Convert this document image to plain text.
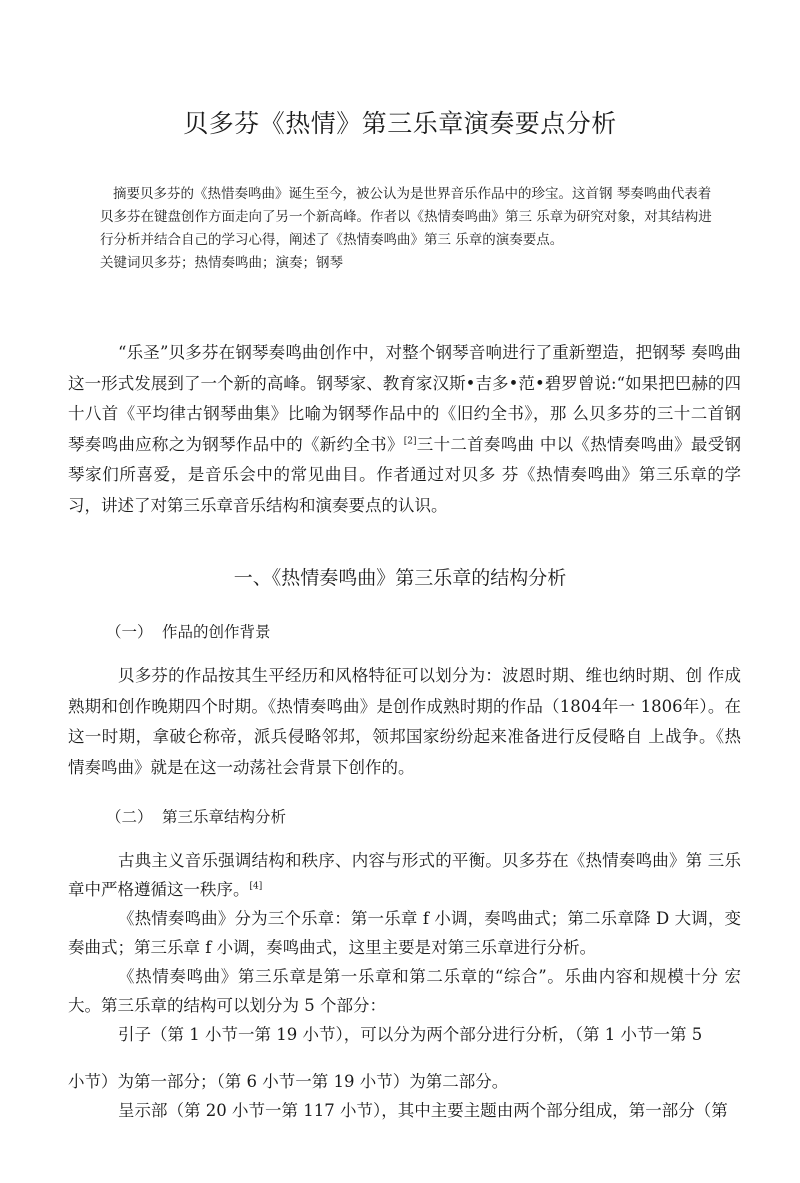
贝多芬《热情》第三乐章演奏要点分析

摘要贝多芬的《热惜奏鸣曲》诞生至今，被公认为是世界音乐作品中的珍宝。这首钢 琴奏鸣曲代表着贝多芬在键盘创作方面走向了另一个新高峰。作者以《热情奏鸣曲》第三 乐章为研究对象，对其结构进行分析并结合自己的学习心得，阐述了《热情奏鸣曲》第三 乐章的演奏要点。

关键词贝多芬；热情奏鸣曲；演奏；钢琴

“乐圣”贝多芬在钢琴奏鸣曲创作中，对整个钢琴音响进行了重新塑造，把钢琴 奏鸣曲这一形式发展到了一个新的高峰。钢琴家、教育家汉斯•吉多•范•碧罗曾说:“如果把巴赫的四十八首《平均律古钢琴曲集》比喻为钢琴作品中的《旧约全书》，那 么贝多芬的三十二首钢琴奏鸣曲应称之为钢琴作品中的《新约全书》[2]三十二首奏鸣曲 中以《热情奏鸣曲》最受钢琴家们所喜爱，是音乐会中的常见曲目。作者通过对贝多 芬《热情奏鸣曲》第三乐章的学习，讲述了对第三乐章音乐结构和演奏要点的认识。

一、《热情奏鸣曲》第三乐章的结构分析
（一） 作品的创作背景

贝多芬的作品按其生平经历和风格特征可以划分为：波恩时期、维也纳时期、创 作成熟期和创作晚期四个时期。《热情奏鸣曲》是创作成熟时期的作品（1804年一 1806年）。在这一时期，拿破仑称帝，派兵侵略邻邦，领邦国家纷纷起来准备进行反侵略自 上战争。《热情奏鸣曲》就是在这一动荡社会背景下创作的。

（二） 第三乐章结构分析

古典主义音乐强调结构和秩序、内容与形式的平衡。贝多芬在《热情奏鸣曲》第 三乐章中严格遵循这一秩序。[4]

《热情奏鸣曲》分为三个乐章：第一乐章 f 小调，奏鸣曲式；第二乐章降 D 大调，变奏曲式；第三乐章 f 小调，奏鸣曲式，这里主要是对第三乐章进行分析。

《热情奏鸣曲》第三乐章是第一乐章和第二乐章的“综合”。乐曲内容和规模十分 宏大。第三乐章的结构可以划分为 5 个部分：

引子（第 1 小节一第 19 小节），可以分为两个部分进行分析，（第 1 小节一第 5

小节）为第一部分；（第 6 小节一第 19 小节）为第二部分。

呈示部（第 20 小节一第 117 小节），其中主要主题由两个部分组成，第一部分（第
